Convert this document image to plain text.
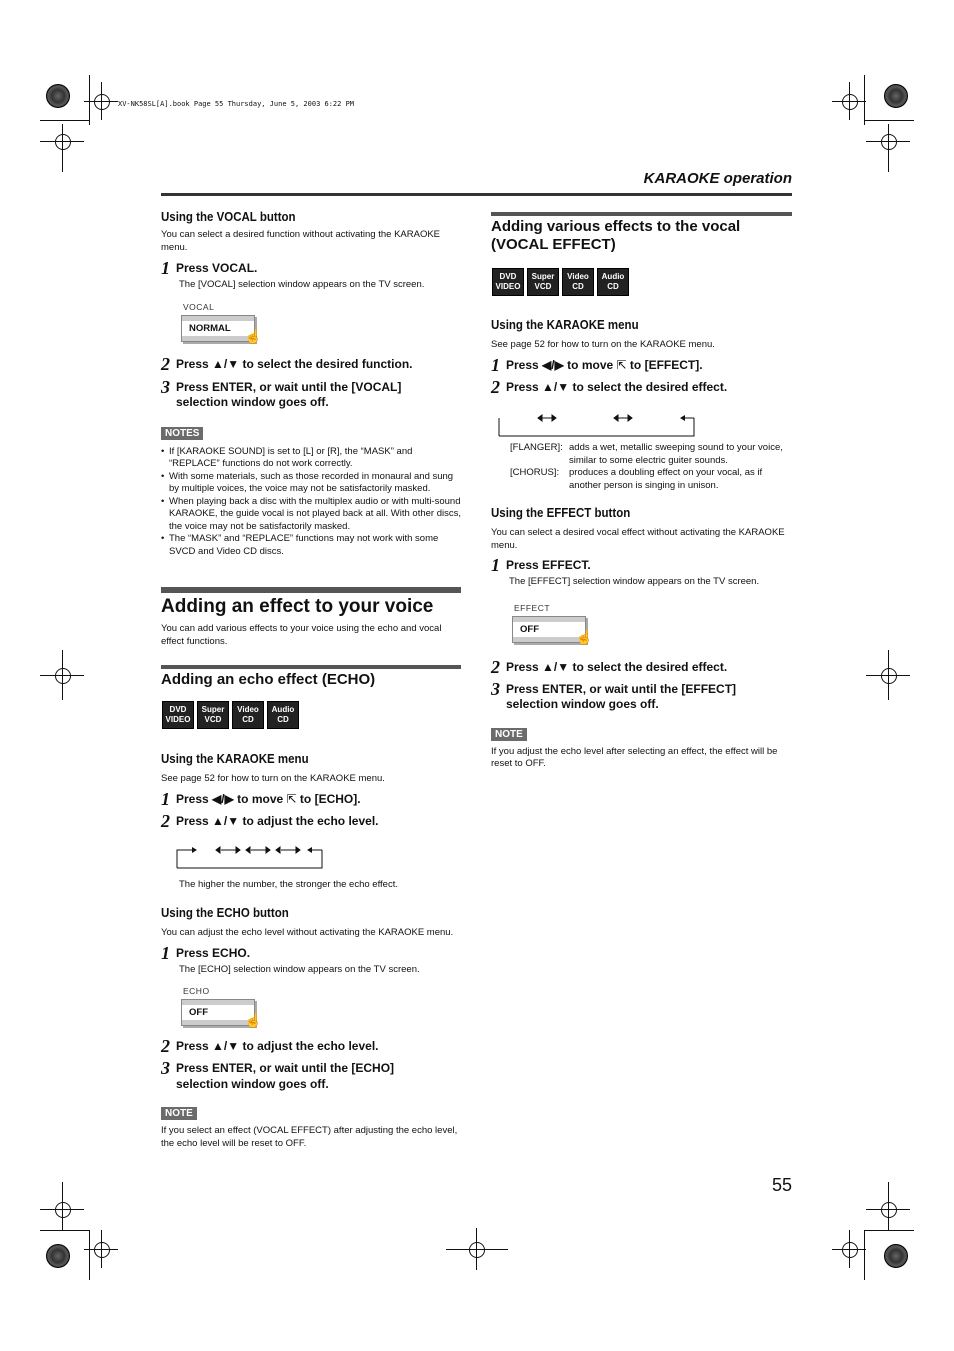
XV-NK58SL[A].book Page 55 Thursday, June 5, 2003 6:22 PM
KARAOKE operation
Using the VOCAL button
You can select a desired function without activating the KARAOKE menu.
1 Press VOCAL.
The [VOCAL] selection window appears on the TV screen.
VOCAL
NORMAL ☝
2 Press ▲/▼ to select the desired function.
3 Press ENTER, or wait until the [VOCAL] selection window goes off.
NOTES
• If [KARAOKE SOUND] is set to [L] or [R], the “MASK” and “REPLACE” functions do not work correctly.
• With some materials, such as those recorded in monaural and sung by multiple voices, the voice may not be satisfactorily masked.
• When playing back a disc with the multiplex audio or with multi-sound KARAOKE, the guide vocal is not played back at all. With other discs, the voice may not be satisfactorily masked.
• The “MASK” and “REPLACE” functions may not work with some SVCD and Video CD discs.
Adding an effect to your voice
You can add various effects to your voice using the echo and vocal effect functions.
Adding an echo effect (ECHO)
DVD
VIDEO
Super
VCD
Video
CD
Audio
CD
Using the KARAOKE menu
See page 52 for how to turn on the KARAOKE menu.
1 Press ◀/▶ to move ⇱ to [ECHO].
2 Press ▲/▼ to adjust the echo level.
The higher the number, the stronger the echo effect.
Using the ECHO button
You can adjust the echo level without activating the KARAOKE menu.
1 Press ECHO.
The [ECHO] selection window appears on the TV screen.
ECHO
OFF	☝
2 Press ▲/▼ to adjust the echo level.
3 Press ENTER, or wait until the [ECHO] selection window goes off.
NOTE
If you select an effect (VOCAL EFFECT) after adjusting the echo level, the echo level will be reset to OFF.
Adding various effects to the vocal (VOCAL EFFECT)
DVD
VIDEO
Super
VCD
Video
CD
Audio
CD
Using the KARAOKE menu
See page 52 for how to turn on the KARAOKE menu.
1 Press ◀/▶ to move ⇱ to [EFFECT].
2 Press ▲/▼ to select the desired effect.
[FLANGER]: adds a wet, metallic sweeping sound to your voice, similar to some electric guiter sounds.
[CHORUS]:	produces a doubling effect on your vocal, as if another person is singing in unison.
Using the EFFECT button
You can select a desired vocal effect without activating the KARAOKE menu.
1 Press EFFECT.
The [EFFECT] selection window appears on the TV screen.
EFFECT
OFF	☝
2 Press ▲/▼ to select the desired effect.
3 Press ENTER, or wait until the [EFFECT] selection window goes off.
NOTE
If you adjust the echo level after selecting an effect, the effect will be reset to OFF.
55
